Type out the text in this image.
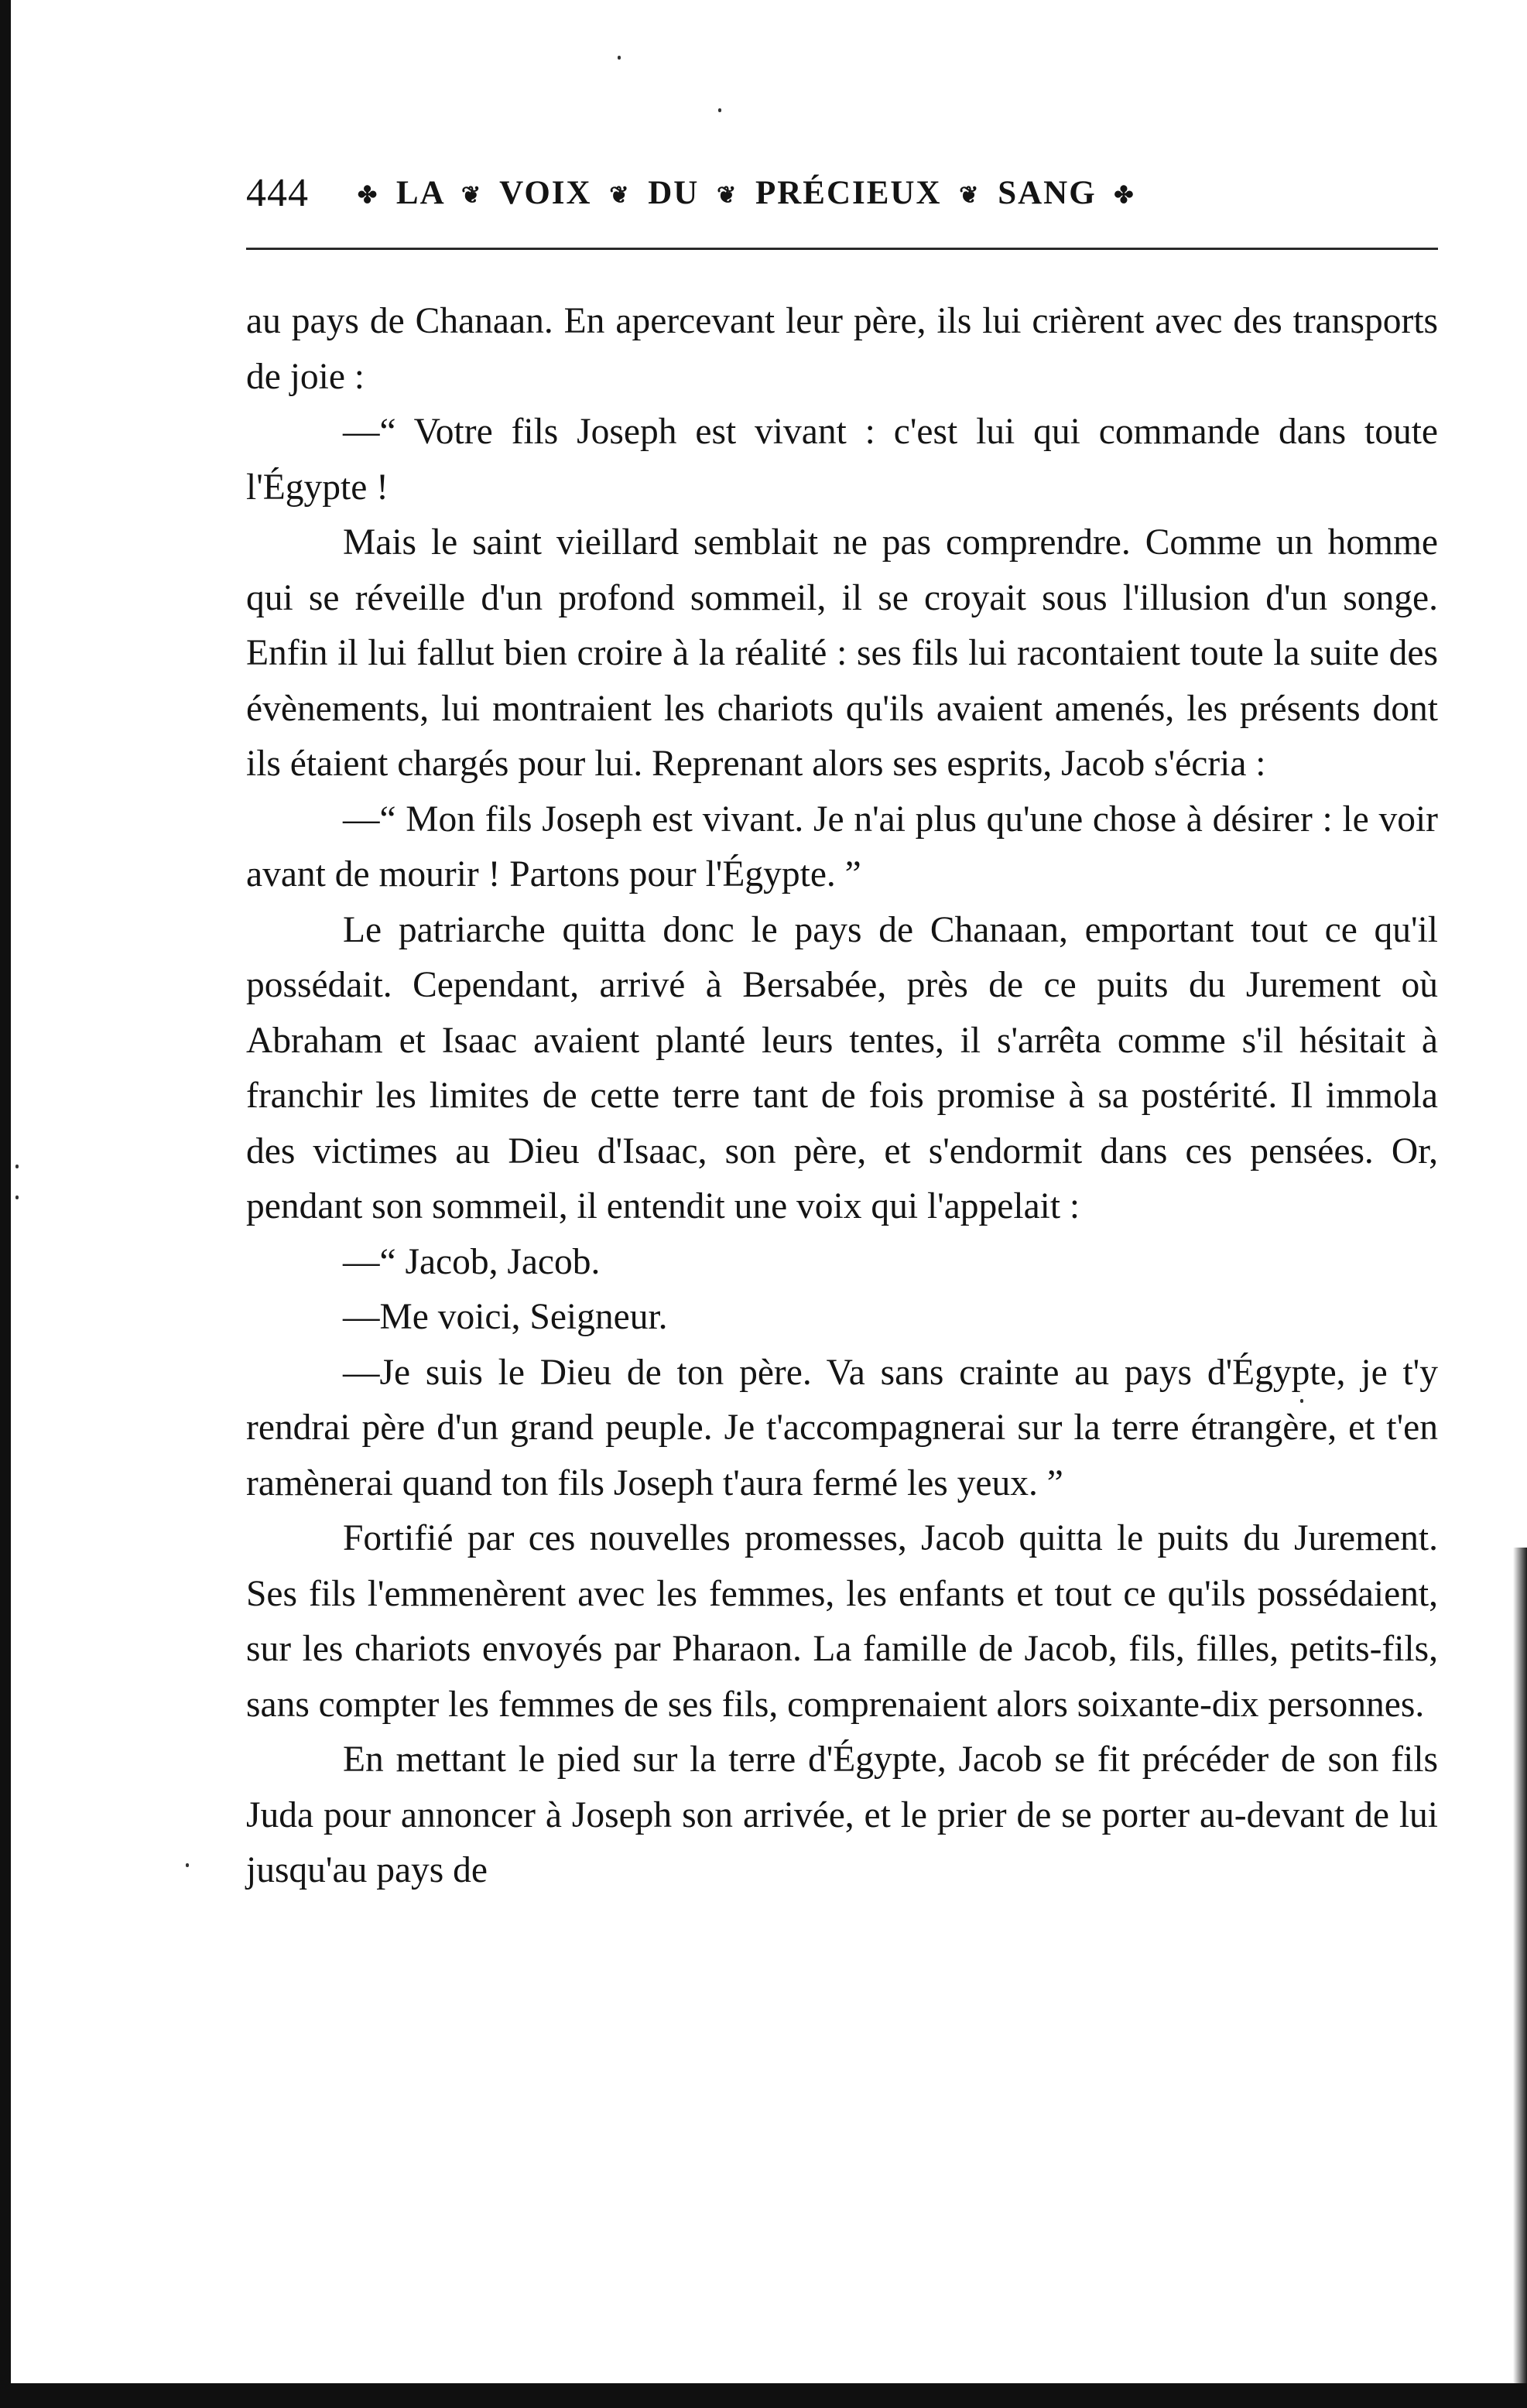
444 ✤ LA ❦ VOIX ❦ DU ❦ PRÉCIEUX ❦ SANG ✤

au pays de Chanaan. En apercevant leur père, ils lui crièrent avec des transports de joie :

—“ Votre fils Joseph est vivant : c'est lui qui commande dans toute l'Égypte !

Mais le saint vieillard semblait ne pas comprendre. Comme un homme qui se réveille d'un profond sommeil, il se croyait sous l'illusion d'un songe. Enfin il lui fallut bien croire à la réalité : ses fils lui racontaient toute la suite des évènements, lui montraient les chariots qu'ils avaient amenés, les présents dont ils étaient chargés pour lui. Reprenant alors ses esprits, Jacob s'écria :

—“ Mon fils Joseph est vivant. Je n'ai plus qu'une chose à désirer : le voir avant de mourir ! Partons pour l'Égypte. ”

Le patriarche quitta donc le pays de Chanaan, emportant tout ce qu'il possédait. Cependant, arrivé à Bersabée, près de ce puits du Jurement où Abraham et Isaac avaient planté leurs tentes, il s'arrêta comme s'il hésitait à franchir les limites de cette terre tant de fois promise à sa postérité. Il immola des victimes au Dieu d'Isaac, son père, et s'endormit dans ces pensées. Or, pendant son sommeil, il entendit une voix qui l'appelait :

—“ Jacob, Jacob.

—Me voici, Seigneur.

—Je suis le Dieu de ton père. Va sans crainte au pays d'Égypte, je t'y rendrai père d'un grand peuple. Je t'accompagnerai sur la terre étrangère, et t'en ramènerai quand ton fils Joseph t'aura fermé les yeux. ”

Fortifié par ces nouvelles promesses, Jacob quitta le puits du Jurement. Ses fils l'emmenèrent avec les femmes, les enfants et tout ce qu'ils possédaient, sur les chariots envoyés par Pharaon. La famille de Jacob, fils, filles, petits-fils, sans compter les femmes de ses fils, comprenaient alors soixante-dix personnes.

En mettant le pied sur la terre d'Égypte, Jacob se fit précéder de son fils Juda pour annoncer à Joseph son arrivée, et le prier de se porter au-devant de lui jusqu'au pays de
